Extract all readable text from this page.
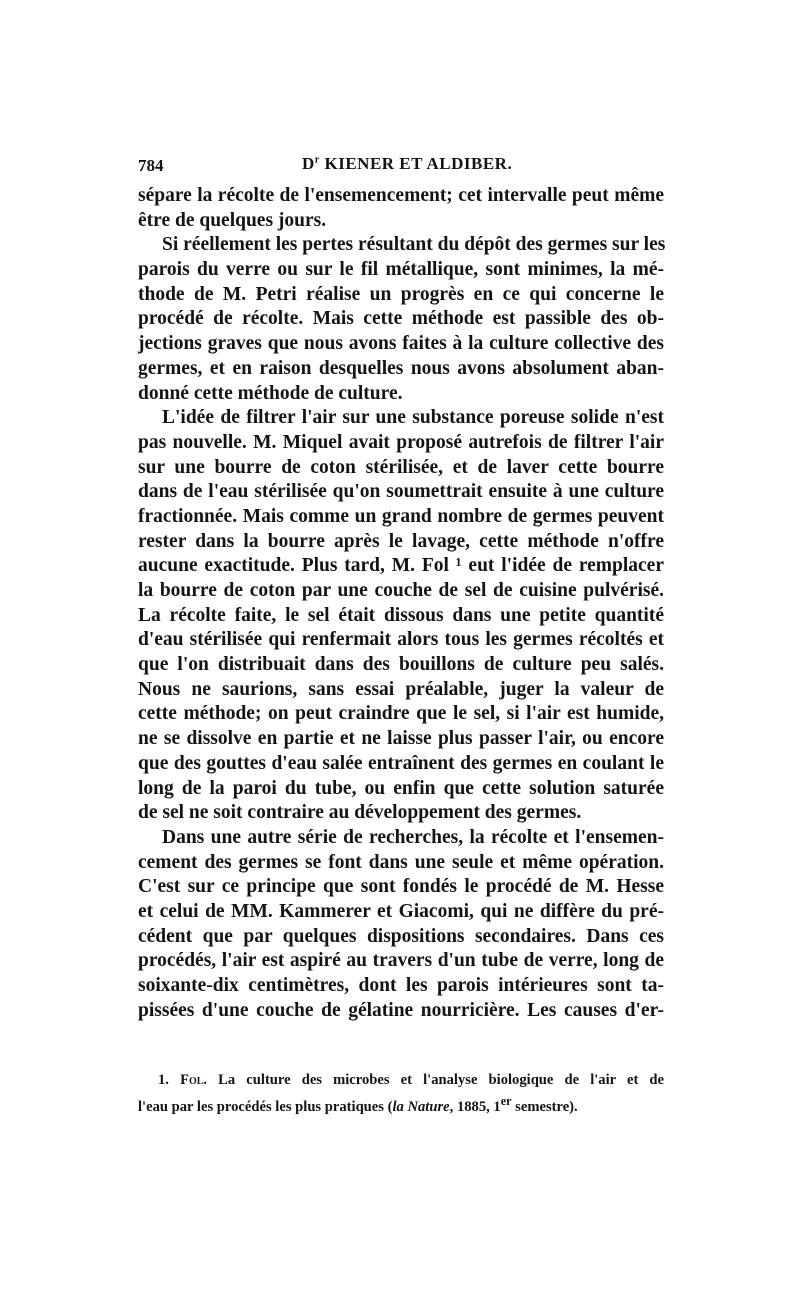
784	$D^r$ KIENER ET ALDIBER.
sépare la récolte de l'ensemencement; cet intervalle peut même
être de quelques jours.
Si réellement les pertes résultant du dépôt des germes sur les
parois du verre ou sur le fil métallique, sont minimes, la mé-
thode de M. Petri réalise un progrès en ce qui concerne le
procédé de récolte. Mais cette méthode est passible des ob-
jections graves que nous avons faites à la culture collective des
germes, et en raison desquelles nous avons absolument aban-
donné cette méthode de culture.
L'idée de filtrer l'air sur une substance poreuse solide n'est
pas nouvelle. M. Miquel avait proposé autrefois de filtrer l'air
sur une bourre de coton stérilisée, et de laver cette bourre
dans de l'eau stérilisée qu'on soumettrait ensuite à une culture
fractionnée. Mais comme un grand nombre de germes peuvent
rester dans la bourre après le lavage, cette méthode n'offre
aucune exactitude. Plus tard, M. Fol ¹ eut l'idée de remplacer
la bourre de coton par une couche de sel de cuisine pulvérisé.
La récolte faite, le sel était dissous dans une petite quantité
d'eau stérilisée qui renfermait alors tous les germes récoltés et
que l'on distribuait dans des bouillons de culture peu salés.
Nous ne saurions, sans essai préalable, juger la valeur de
cette méthode; on peut craindre que le sel, si l'air est humide,
ne se dissolve en partie et ne laisse plus passer l'air, ou encore
que des gouttes d'eau salée entraînent des germes en coulant le
long de la paroi du tube, ou enfin que cette solution saturée
de sel ne soit contraire au développement des germes.
Dans une autre série de recherches, la récolte et l'ensemen-
cement des germes se font dans une seule et même opération.
C'est sur ce principe que sont fondés le procédé de M. Hesse
et celui de MM. Kammerer et Giacomi, qui ne diffère du pré-
cédent que par quelques dispositions secondaires. Dans ces
procédés, l'air est aspiré au travers d'un tube de verre, long de
soixante-dix centimètres, dont les parois intérieures sont ta-
pissées d'une couche de gélatine nourricière. Les causes d'er-
1. Fol. La culture des microbes et l'analyse biologique de l'air et de
l'eau par les procédés les plus pratiques (la Nature, 1885, 1er semestre).
